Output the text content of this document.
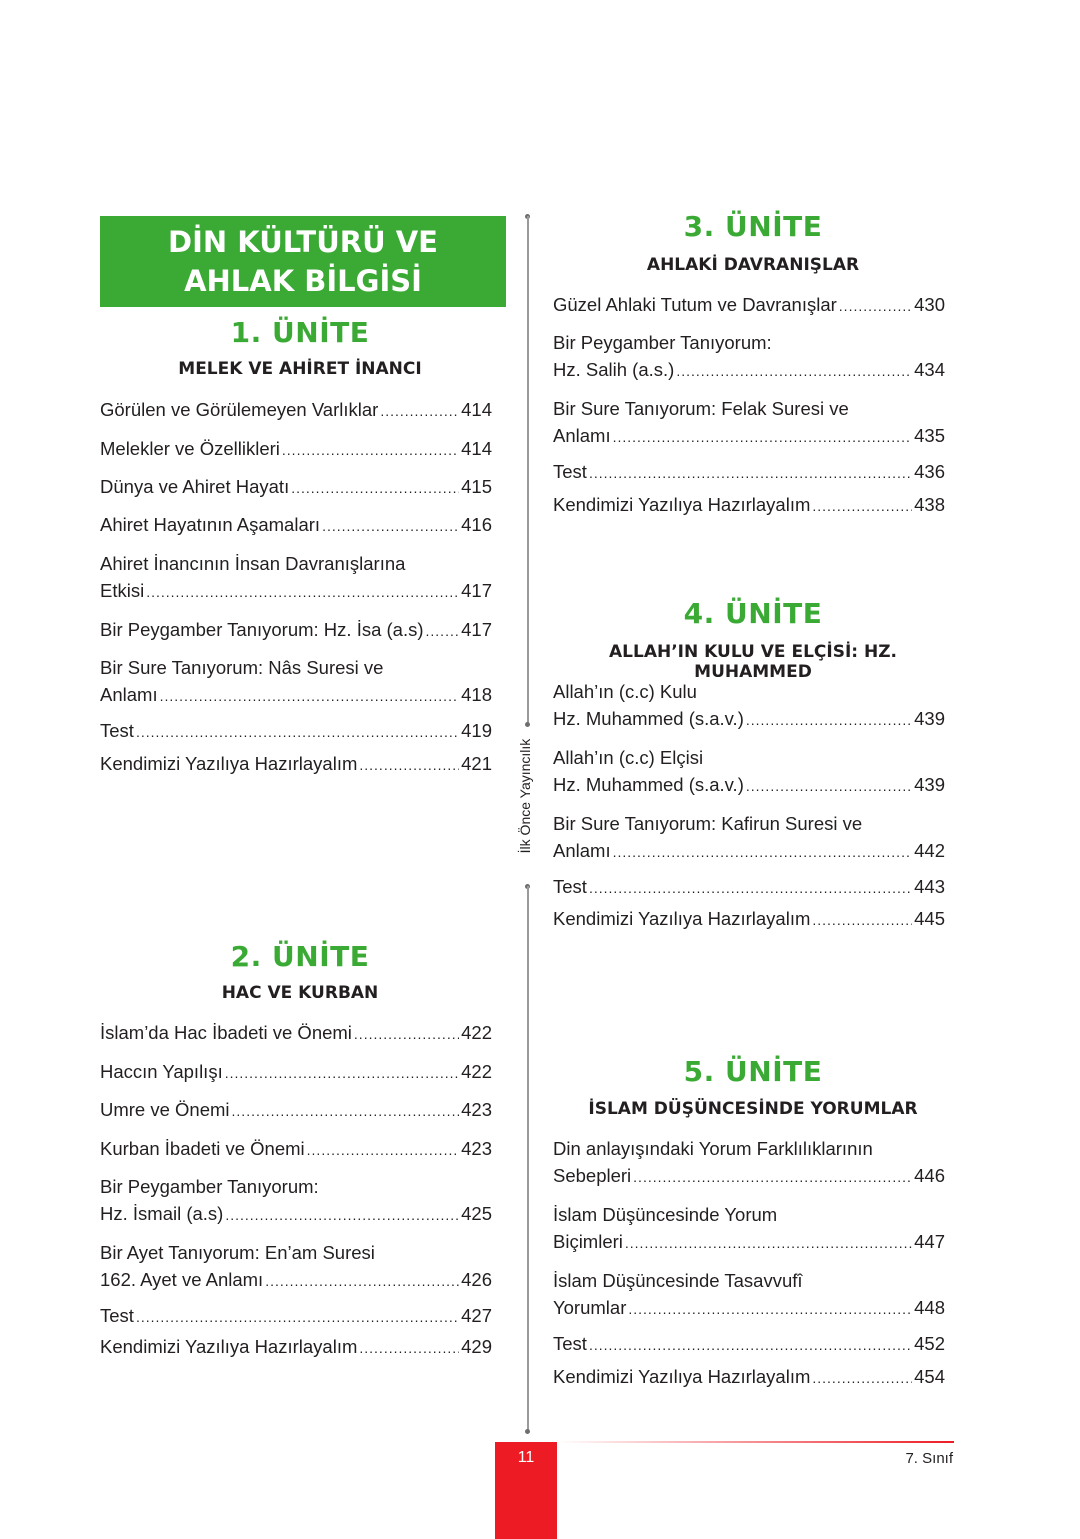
DİN KÜLTÜRÜ VE
AHLAK BİLGİSİ
1. ÜNİTE
MELEK VE AHİRET İNANCI
Görülen ve Görülemeyen Varlıklar .....	414
Melekler ve Özellikleri .....	414
Dünya ve Ahiret Hayatı .....	415
Ahiret Hayatının Aşamaları .....	416
Ahiret İnancının İnsan Davranışlarına
Etkisi .....	417
Bir Peygamber Tanıyorum: Hz. İsa (a.s) ..... 417
Bir Sure Tanıyorum: Nâs Suresi ve
Anlamı .....	418
Test .....	419
Kendimizi Yazılıya Hazırlayalım .....	421
2. ÜNİTE
HAC VE KURBAN
İslam’da Hac İbadeti ve Önemi .....	422
Haccın Yapılışı .....	422
Umre ve Önemi .....	423
Kurban İbadeti ve Önemi .....	423
Bir Peygamber Tanıyorum:
Hz. İsmail (a.s) .....	425
Bir Ayet Tanıyorum: En’am Suresi
162. Ayet ve Anlamı .....	426
Test .....	427
Kendimizi Yazılıya Hazırlayalım .....	429
3. ÜNİTE
AHLAKİ DAVRANIŞLAR
Güzel Ahlaki Tutum ve Davranışlar .....	430
Bir Peygamber Tanıyorum:
Hz. Salih (a.s.) .....	434
Bir Sure Tanıyorum: Felak Suresi ve
Anlamı .....	435
Test .....	436
Kendimizi Yazılıya Hazırlayalım .....	438
4. ÜNİTE
ALLAH’IN KULU VE ELÇİSİ: HZ. MUHAMMED
Allah’ın (c.c) Kulu
Hz. Muhammed (s.a.v.) .....	439
Allah’ın (c.c) Elçisi
Hz. Muhammed (s.a.v.) .....	439
Bir Sure Tanıyorum: Kafirun Suresi ve
Anlamı .....	442
Test .....	443
Kendimizi Yazılıya Hazırlayalım .....	445
5. ÜNİTE
İSLAM DÜŞÜNCESİNDE YORUMLAR
Din anlayışındaki Yorum Farklılıklarının
Sebepleri .....	446
İslam Düşüncesinde Yorum
Biçimleri .....	447
İslam Düşüncesinde Tasavvufî
Yorumlar .....	448
Test .....	452
Kendimizi Yazılıya Hazırlayalım .....	454
İlk Önce Yayıncılık
11	7. Sınıf
